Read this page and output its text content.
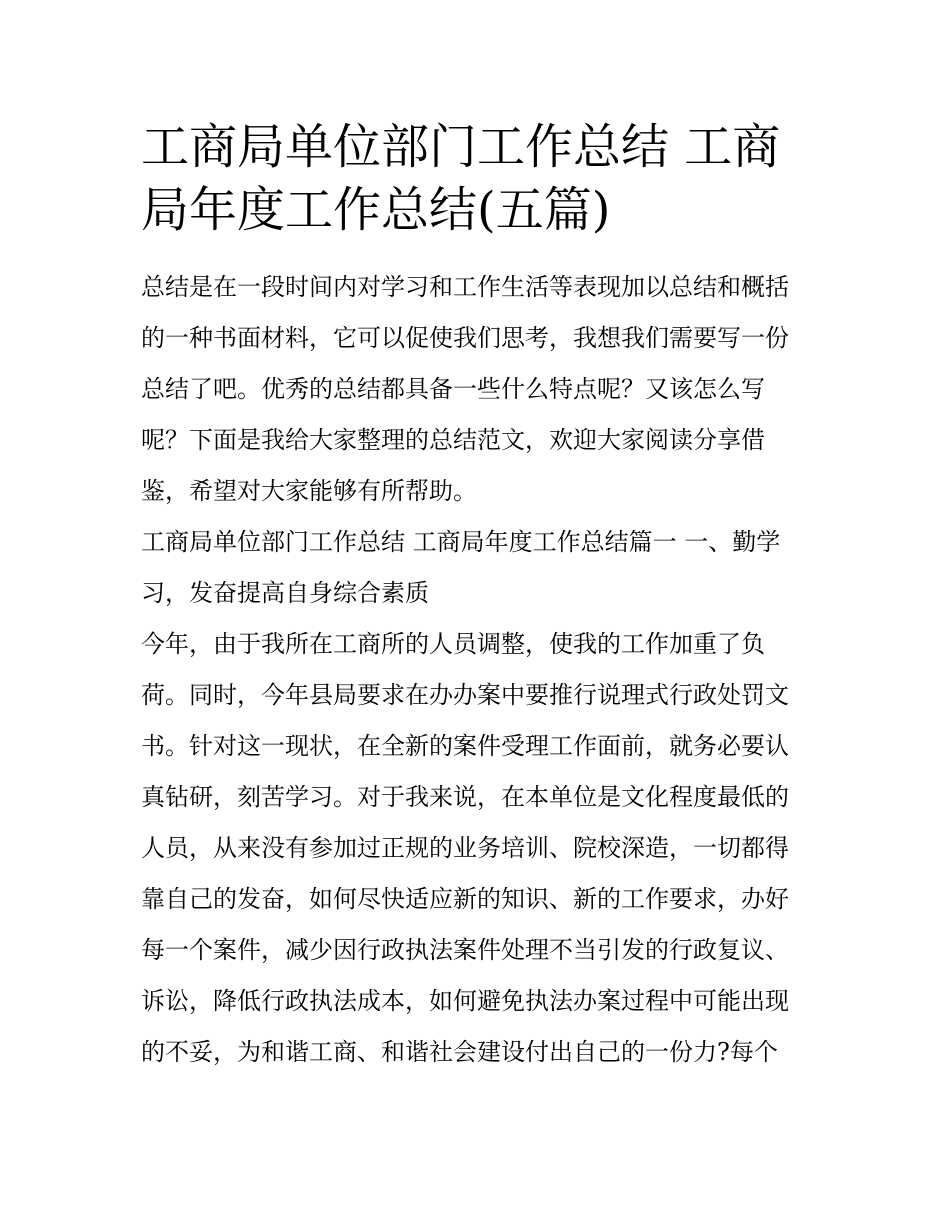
工商局单位部门工作总结 工商
局年度工作总结(五篇)

总结是在一段时间内对学习和工作生活等表现加以总结和概括
的一种书面材料，它可以促使我们思考，我想我们需要写一份
总结了吧。优秀的总结都具备一些什么特点呢？又该怎么写
呢？下面是我给大家整理的总结范文，欢迎大家阅读分享借
鉴，希望对大家能够有所帮助。

工商局单位部门工作总结 工商局年度工作总结篇一 一、勤学
习，发奋提高自身综合素质

今年，由于我所在工商所的人员调整，使我的工作加重了负
荷。同时，今年县局要求在办办案中要推行说理式行政处罚文
书。针对这一现状，在全新的案件受理工作面前，就务必要认
真钻研，刻苦学习。对于我来说，在本单位是文化程度最低的
人员，从来没有参加过正规的业务培训、院校深造，一切都得
靠自己的发奋，如何尽快适应新的知识、新的工作要求，办好
每一个案件，减少因行政执法案件处理不当引发的行政复议、
诉讼，降低行政执法成本，如何避免执法办案过程中可能出现
的不妥，为和谐工商、和谐社会建设付出自己的一份力?每个
